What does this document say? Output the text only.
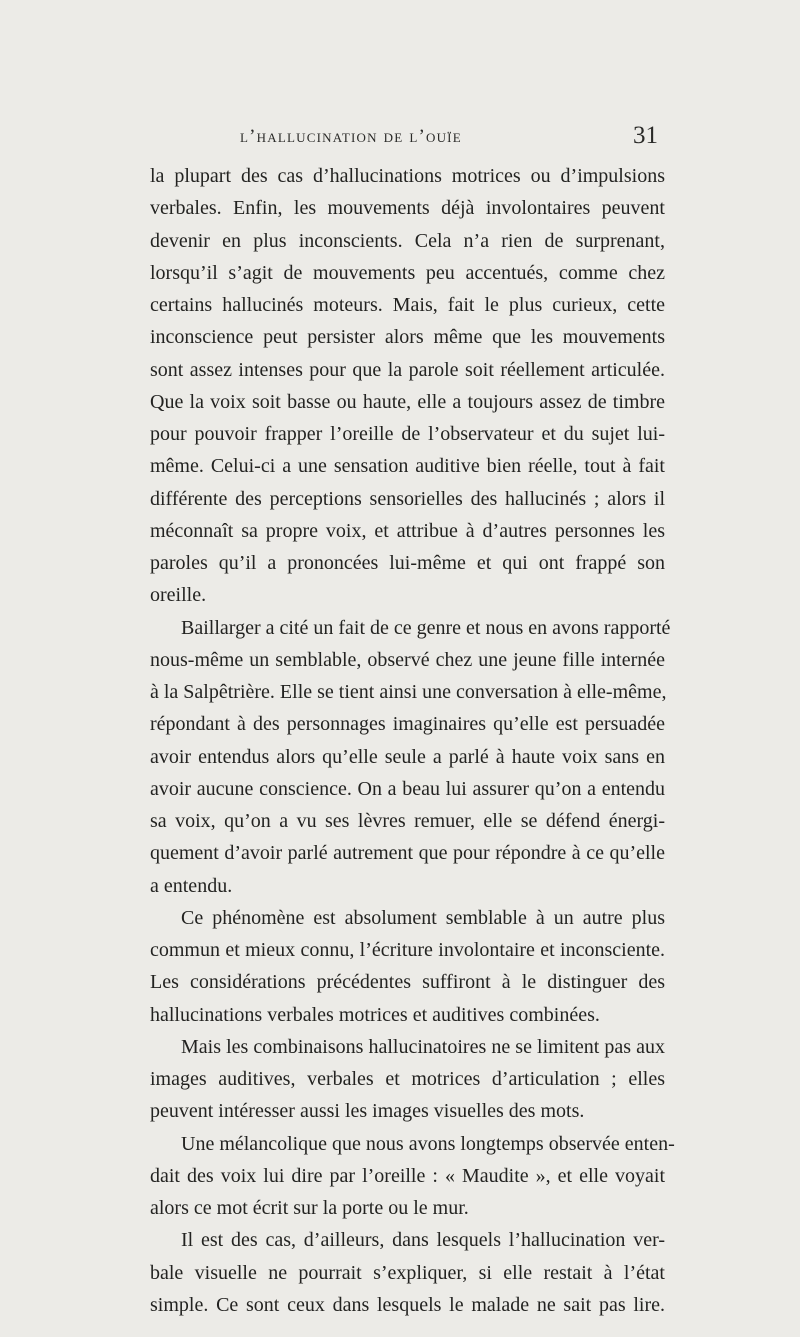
l’hallucination de l’ouïe	31
la plupart des cas d’hallucinations motrices ou d’impulsions
verbales. Enfin, les mouvements déjà involontaires peuvent
devenir en plus inconscients. Cela n’a rien de surprenant,
lorsqu’il s’agit de mouvements peu accentués, comme chez
certains hallucinés moteurs. Mais, fait le plus curieux, cette
inconscience peut persister alors même que les mouvements
sont assez intenses pour que la parole soit réellement articulée.
Que la voix soit basse ou haute, elle a toujours assez de timbre
pour pouvoir frapper l’oreille de l’observateur et du sujet lui-
même. Celui-ci a une sensation auditive bien réelle, tout à fait
différente des perceptions sensorielles des hallucinés ; alors il
méconnaît sa propre voix, et attribue à d’autres personnes les
paroles qu’il a prononcées lui-même et qui ont frappé son
oreille.
Baillarger a cité un fait de ce genre et nous en avons rapporté
nous-même un semblable, observé chez une jeune fille internée
à la Salpêtrière. Elle se tient ainsi une conversation à elle-même,
répondant à des personnages imaginaires qu’elle est persuadée
avoir entendus alors qu’elle seule a parlé à haute voix sans en
avoir aucune conscience. On a beau lui assurer qu’on a entendu
sa voix, qu’on a vu ses lèvres remuer, elle se défend énergi-
quement d’avoir parlé autrement que pour répondre à ce qu’elle
a entendu.
Ce phénomène est absolument semblable à un autre plus
commun et mieux connu, l’écriture involontaire et inconsciente.
Les considérations précédentes suffiront à le distinguer des
hallucinations verbales motrices et auditives combinées.
Mais les combinaisons hallucinatoires ne se limitent pas aux
images auditives, verbales et motrices d’articulation ; elles
peuvent intéresser aussi les images visuelles des mots.
Une mélancolique que nous avons longtemps observée enten-
dait des voix lui dire par l’oreille : « Maudite », et elle voyait
alors ce mot écrit sur la porte ou le mur.
Il est des cas, d’ailleurs, dans lesquels l’hallucination ver-
bale visuelle ne pourrait s’expliquer, si elle restait à l’état
simple. Ce sont ceux dans lesquels le malade ne sait pas lire.
